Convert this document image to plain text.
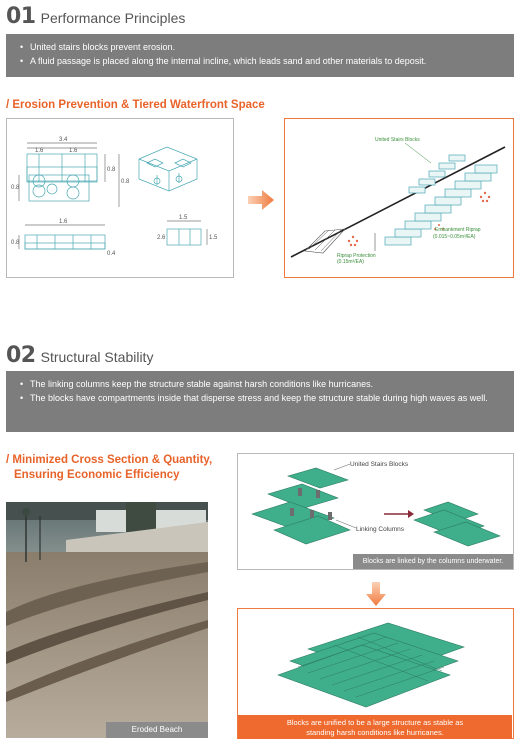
01 Performance Principles
• United stairs blocks prevent erosion.
• A fluid passage is placed along the internal incline, which leads sand and other materials to deposit.
/ Erosion Prevention & Tiered Waterfront Space
3.4
1.6	1.6
0.8
0.8
0.8
1.6
0.8
0.4
1.5
1.5
2.6
United Stairs Blocks
Riprap Protection
(0.15m³/EA)
Embankment Riprap
(0.015~0.05m³/EA)
02 Structural Stability
• The linking columns keep the structure stable against harsh conditions like hurricanes.
• The blocks have compartments inside that disperse stress and keep the structure stable during high waves as well.
/ Minimized Cross Section & Quantity,
Ensuring Economic Efficiency
Eroded Beach
United Stairs Blocks
Linking Columns
Blocks are linked by the columns underwater.
Blocks are unified to be a large structure as stable as
standing harsh conditions like hurricanes.
